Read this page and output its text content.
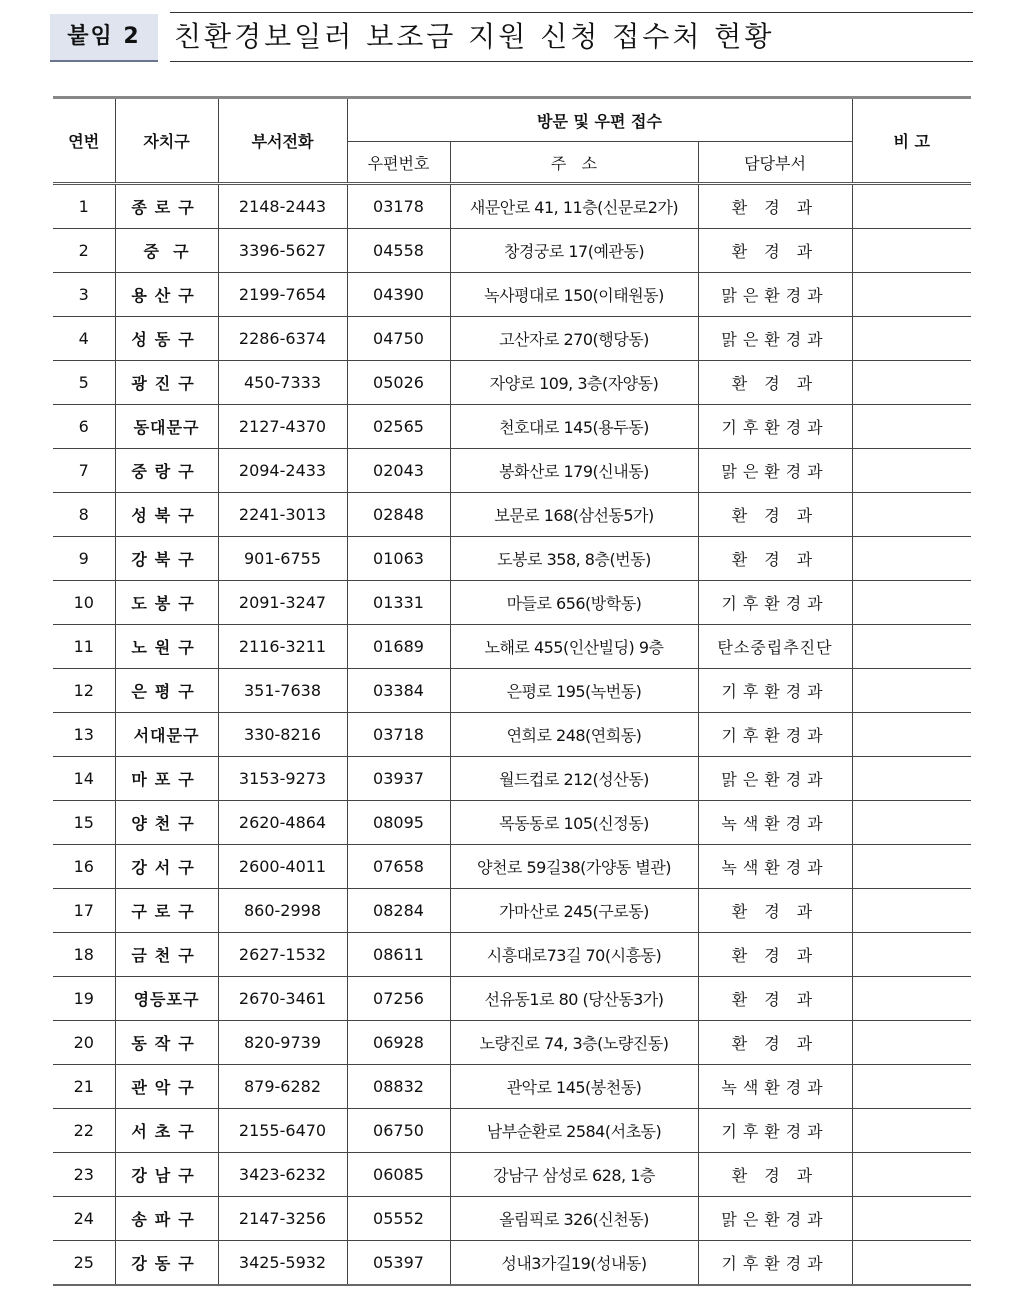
붙임 2	친환경보일러 보조금 지원 신청 접수처 현황
연번	자치구	부서전화	방문 및 우편 접수			비 고
			우편번호	주   소	담당부서	
1	종로구	2148-2443	03178	새문안로 41, 11층(신문로2가)	환 경 과	
2	중  구	3396-5627	04558	창경궁로 17(예관동)	환 경 과	
3	용산구	2199-7654	04390	녹사평대로 150(이태원동)	맑은환경과	
4	성동구	2286-6374	04750	고산자로 270(행당동)	맑은환경과	
5	광진구	450-7333	05026	자양로 109, 3층(자양동)	환 경 과	
6	동대문구	2127-4370	02565	천호대로 145(용두동)	기후환경과	
7	중랑구	2094-2433	02043	봉화산로 179(신내동)	맑은환경과	
8	성북구	2241-3013	02848	보문로 168(삼선동5가)	환 경 과	
9	강북구	901-6755	01063	도봉로 358, 8층(번동)	환 경 과	
10	도봉구	2091-3247	01331	마들로 656(방학동)	기후환경과	
11	노원구	2116-3211	01689	노해로 455(인산빌딩) 9층	탄소중립추진단	
12	은평구	351-7638	03384	은평로 195(녹번동)	기후환경과	
13	서대문구	330-8216	03718	연희로 248(연희동)	기후환경과	
14	마포구	3153-9273	03937	월드컵로 212(성산동)	맑은환경과	
15	양천구	2620-4864	08095	목동동로 105(신정동)	녹색환경과	
16	강서구	2600-4011	07658	양천로 59길38(가양동 별관)	녹색환경과	
17	구로구	860-2998	08284	가마산로 245(구로동)	환 경 과	
18	금천구	2627-1532	08611	시흥대로73길 70(시흥동)	환 경 과	
19	영등포구	2670-3461	07256	선유동1로 80 (당산동3가)	환 경 과	
20	동작구	820-9739	06928	노량진로 74, 3층(노량진동)	환 경 과	
21	관악구	879-6282	08832	관악로 145(봉천동)	녹색환경과	
22	서초구	2155-6470	06750	남부순환로 2584(서초동)	기후환경과	
23	강남구	3423-6232	06085	강남구 삼성로 628, 1층	환 경 과	
24	송파구	2147-3256	05552	올림픽로 326(신천동)	맑은환경과	
25	강동구	3425-5932	05397	성내3가길19(성내동)	기후환경과	
